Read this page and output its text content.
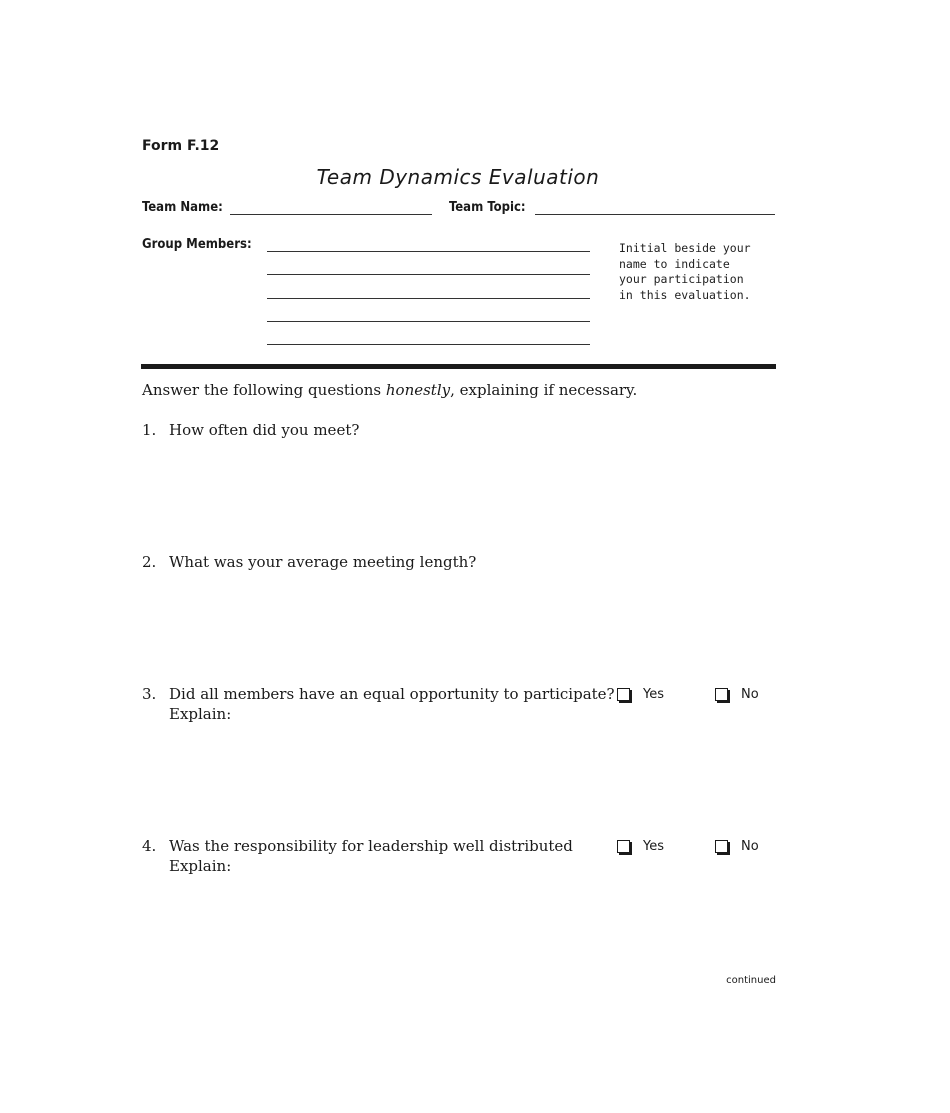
Form F.12
Team Dynamics Evaluation
Team Name:	Team Topic:
Group Members:	Initial beside your
name to indicate
your participation
in this evaluation.
Answer the following questions honestly, explaining if necessary.
1. How often did you meet?
2. What was your average meeting length?
3. Did all members have an equal opportunity to participate?
Explain:
Yes	No
4. Was the responsibility for leadership well distributed
Explain:
Yes	No
continued
